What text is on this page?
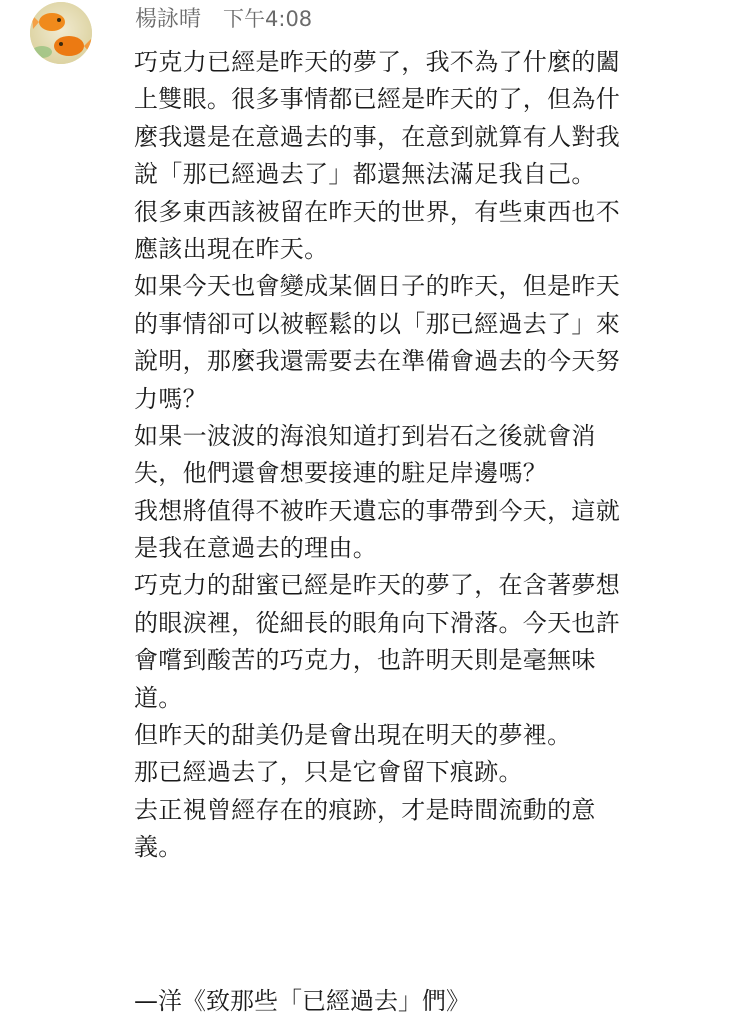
楊詠晴 下午4:08
巧克力已經是昨天的夢了，我不為了什麼的闔
上雙眼。很多事情都已經是昨天的了，但為什
麼我還是在意過去的事，在意到就算有人對我
說「那已經過去了」都還無法滿足我自己。
很多東西該被留在昨天的世界，有些東西也不
應該出現在昨天。
如果今天也會變成某個日子的昨天，但是昨天
的事情卻可以被輕鬆的以「那已經過去了」來
說明，那麼我還需要去在準備會過去的今天努
力嗎？
如果一波波的海浪知道打到岩石之後就會消
失，他們還會想要接連的駐足岸邊嗎？
我想將值得不被昨天遺忘的事帶到今天，這就
是我在意過去的理由。
巧克力的甜蜜已經是昨天的夢了，在含著夢想
的眼淚裡，從細長的眼角向下滑落。今天也許
會嚐到酸苦的巧克力，也許明天則是毫無味
道。
但昨天的甜美仍是會出現在明天的夢裡。
那已經過去了，只是它會留下痕跡。
去正視曾經存在的痕跡，才是時間流動的意
義。
—洋《致那些「已經過去」們》
